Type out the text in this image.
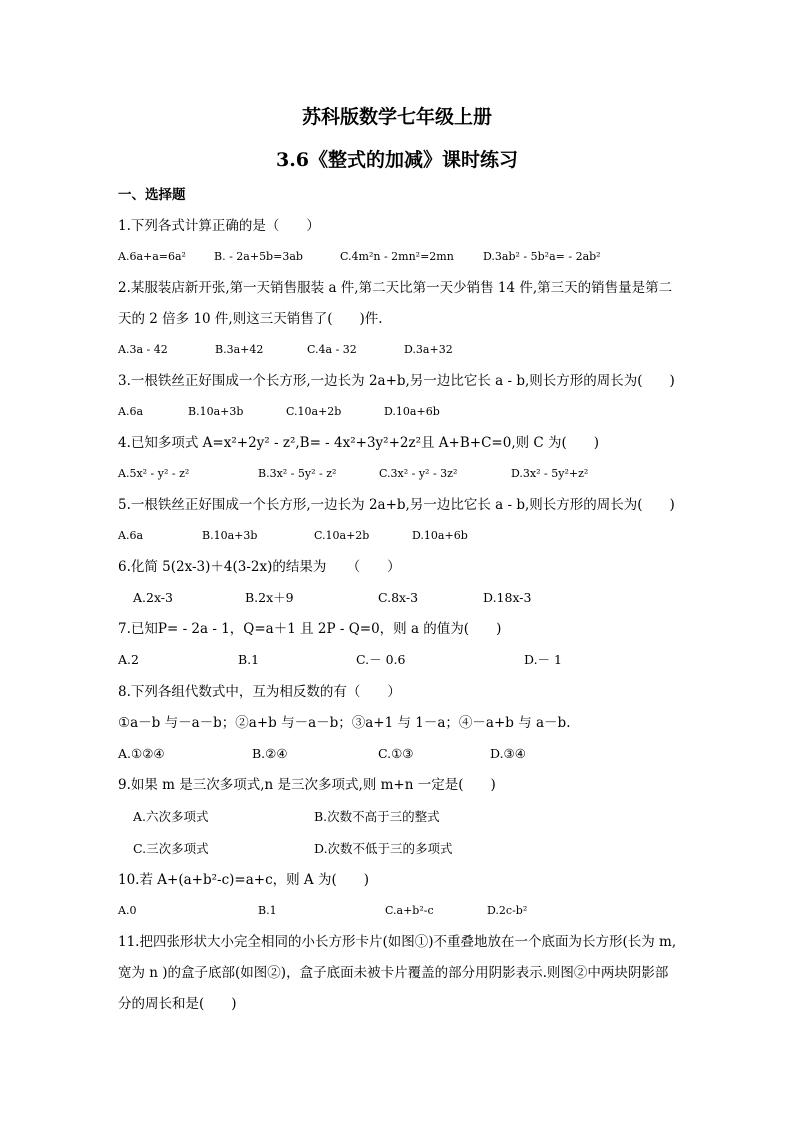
苏科版数学七年级上册
3.6《整式的加减》课时练习
一、选择题
1.下列各式计算正确的是（　　）
A.6a+a=6a²	B. - 2a+5b=3ab	C.4m²n - 2mn²=2mn	D.3ab² - 5b²a= - 2ab²
2.某服装店新开张,第一天销售服装 a 件,第二天比第一天少销售 14 件,第三天的销售量是第二
天的 2 倍多 10 件,则这三天销售了(　　)件.
A.3a - 42	B.3a+42	C.4a - 32	D.3a+32
3.一根铁丝正好围成一个长方形,一边长为 2a+b,另一边比它长 a - b,则长方形的周长为(　　)
A.6a	B.10a+3b	C.10a+2b	D.10a+6b
4.已知多项式 A=x²+2y² - z²,B= - 4x²+3y²+2z²且 A+B+C=0,则 C 为(　　)
A.5x² - y² - z²	B.3x² - 5y² - z²	C.3x² - y² - 3z²	D.3x² - 5y²+z²
5.一根铁丝正好围成一个长方形,一边长为 2a+b,另一边比它长 a - b,则长方形的周长为(　　)
A.6a	B.10a+3b	C.10a+2b	D.10a+6b
6.化简 5(2x-3)＋4(3-2x)的结果为　　（　　）
A.2x-3	B.2x＋9	C.8x-3	D.18x-3
7.已知P= - 2a - 1，Q=a＋1 且 2P - Q=0，则 a 的值为(　　)
A.2	B.1	C.－ 0.6	D.－ 1
8.下列各组代数式中，互为相反数的有（　　）
①a－b 与－a－b；②a+b 与－a－b；③a+1 与 1－a；④－a+b 与 a－b.
A.①②④	B.②④	C.①③	D.③④
9.如果 m 是三次多项式,n 是三次多项式,则 m+n 一定是(　　)
A.六次多项式	B.次数不高于三的整式
C.三次多项式	D.次数不低于三的多项式
10.若 A+(a+b²-c)=a+c，则 A 为(　　)
A.0	B.1	C.a+b²-c	D.2c-b²
11.把四张形状大小完全相同的小长方形卡片(如图①)不重叠地放在一个底面为长方形(长为 m,
宽为 n )的盒子底部(如图②)，盒子底面未被卡片覆盖的部分用阴影表示.则图②中两块阴影部
分的周长和是(　　)
